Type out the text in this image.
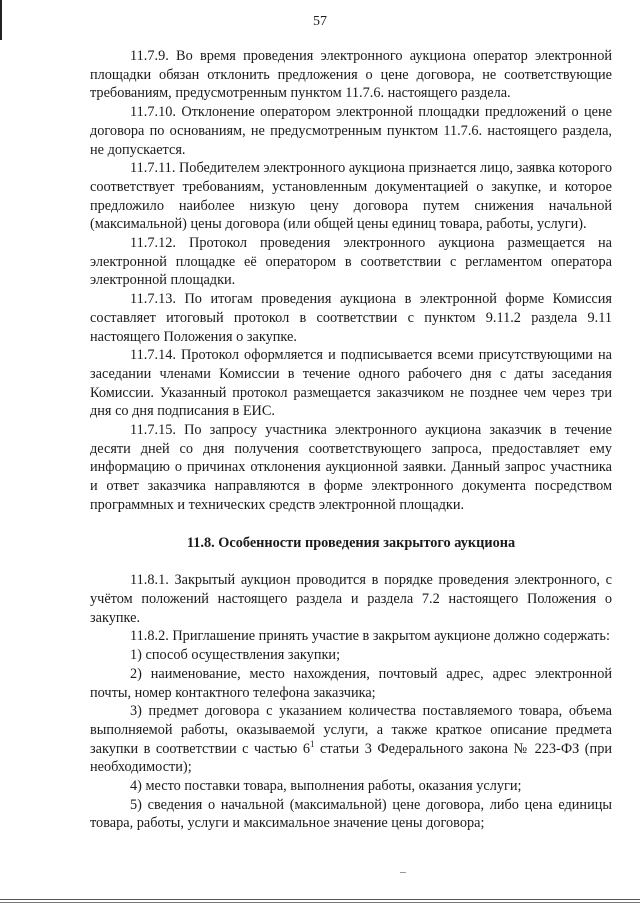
57

11.7.9. Во время проведения электронного аукциона оператор электронной площадки обязан отклонить предложения о цене договора, не соответствующие требованиям, предусмотренным пунктом 11.7.6. настоящего раздела.

11.7.10. Отклонение оператором электронной площадки предложений о цене договора по основаниям, не предусмотренным пунктом 11.7.6. настоящего раздела, не допускается.

11.7.11. Победителем электронного аукциона признается лицо, заявка которого соответствует требованиям, установленным документацией о закупке, и которое предложило наиболее низкую цену договора путем снижения начальной (максимальной) цены договора (или общей цены единиц товара, работы, услуги).

11.7.12. Протокол проведения электронного аукциона размещается на электронной площадке её оператором в соответствии с регламентом оператора электронной площадки.

11.7.13. По итогам проведения аукциона в электронной форме Комиссия составляет итоговый протокол в соответствии с пунктом 9.11.2 раздела 9.11 настоящего Положения о закупке.

11.7.14. Протокол оформляется и подписывается всеми присутствующими на заседании членами Комиссии в течение одного рабочего дня с даты заседания Комиссии. Указанный протокол размещается заказчиком не позднее чем через три дня со дня подписания в ЕИС.

11.7.15. По запросу участника электронного аукциона заказчик в течение десяти дней со дня получения соответствующего запроса, предоставляет ему информацию о причинах отклонения аукционной заявки. Данный запрос участника и ответ заказчика направляются в форме электронного документа посредством программных и технических средств электронной площадки.

11.8. Особенности проведения закрытого аукциона

11.8.1. Закрытый аукцион проводится в порядке проведения электронного, с учётом положений настоящего раздела и раздела 7.2 настоящего Положения о закупке.

11.8.2. Приглашение принять участие в закрытом аукционе должно содержать:

1) способ осуществления закупки;

2) наименование, место нахождения, почтовый адрес, адрес электронной почты, номер контактного телефона заказчика;

3) предмет договора с указанием количества поставляемого товара, объема выполняемой работы, оказываемой услуги, а также краткое описание предмета закупки в соответствии с частью $6^1$ статьи 3 Федерального закона № 223-ФЗ (при необходимости);

4) место поставки товара, выполнения работы, оказания услуги;

5) сведения о начальной (максимальной) цене договора, либо цена единицы товара, работы, услуги и максимальное значение цены договора;
